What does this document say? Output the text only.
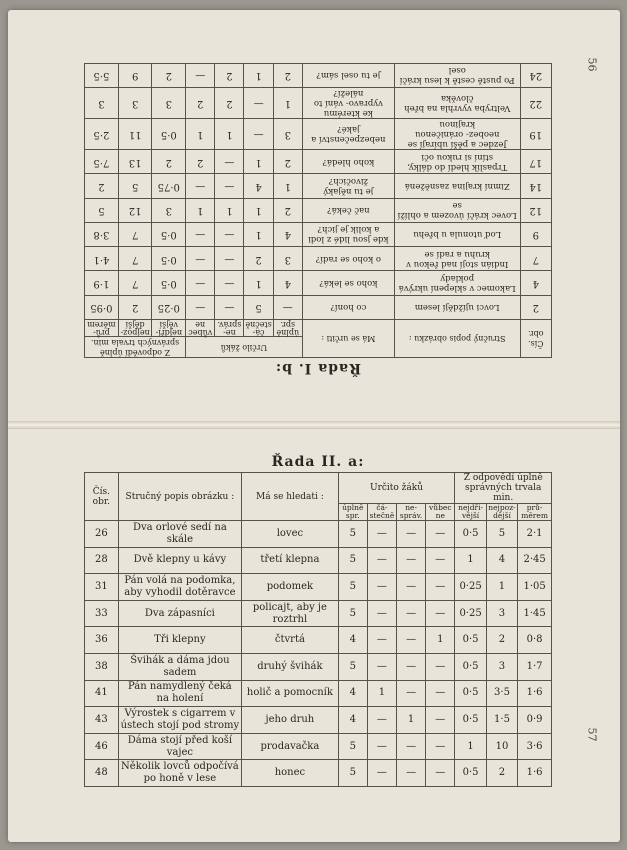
56
57
Řada I. b:
Čís. obr.	Stručný popis obrázku :	Má se určiti :	Určilo žáků				Z odpovědí úplně správných trvala min.		
			úplně spr.	čá- stečně	ne- správ.	vůbec ne	nejdři- vější	nejpoz- dější	prů- měrem
2	Lovci ujíždějí lesem	co honí?	—	5	—	—	0·25	2	0·95
4	Lakomec v sklepení ukrývá poklady	koho se leká?	4	1	—	—	0·5	7	1·9
7	Indián stojí nad řekou v kruhu a radí se	o koho se radí?	3	2	—	—	0·5	7	4·1
9	Loď utonula u břehu	kde jsou lidé z lodi a kolik je jich?	4	1	—	—	0·5	7	3·8
12	Lovec kráčí úvozem a ohlíží se	nač čeká?	2	1	1	1	3	12	5
14	Zimní krajina zasněžená	je tu nějaký živočich?	1	4	—	—	0·75	5	2
17	Trpaslík hledí do dálky, stíní si rukou oči	koho hledá?	2	1	—	2	2	13	7·5
19	Jezdec a pěší ubírají se neobez- oráničenou krajinou	nebezpečenství a jaké?	3	—	1	1	0·5	11	2·5
22	Veltryba vyvrhla na břeh člověka	ke kterému vypravo- vání to náleží?	1	—	2	2	3	3	3
24	Po pustě cestě k lesu kráčí osel	je tu osel sám?	2	1	2	—	2	9	5·5
Řada II. a:
Čís. obr.	Stručný popis obrázku :	Má se hledati :	Určito žáků				Z odpovědí úplně správných trvala min.		
			úplně spr.	čá- stečně	ne- správ.	vůbec ne	nejdři- vější	nejpoz- dější	prů- měrem
26	Dva orlové sedí na skále	lovec	5	—	—	—	0·5	5	2·1
28	Dvě klepny u kávy	třetí klepna	5	—	—	—	1	4	2·45
31	Pán volá na podomka, aby vyhodil dotěravce	podomek	5	—	—	—	0·25	1	1·05
33	Dva zápasníci	policajt, aby je roztrhl	5	—	—	—	0·25	3	1·45
36	Tři klepny	čtvrtá	4	—	—	1	0·5	2	0·8
38	Švihák a dáma jdou sadem	druhý švihák	5	—	—	—	0·5	3	1·7
41	Pán namydlený čeká na holení	holič a pomocník	4	1	—	—	0·5	3·5	1·6
43	Výrostek s cigarrem v ústech stojí pod stromy	jeho druh	4	—	1	—	0·5	1·5	0·9
46	Dáma stojí před koší vajec	prodavačka	5	—	—	—	1	10	3·6
48	Několik lovců odpočívá po honě v lese	honec	5	—	—	—	0·5	2	1·6
